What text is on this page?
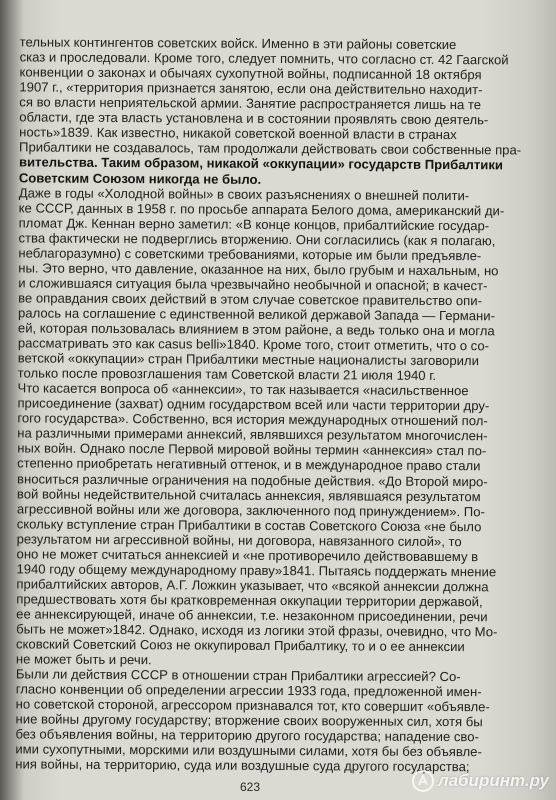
тельных контингентов советских войск. Именно в эти районы советские

сказ и проследовали. Кроме того, следует помнить, что согласно ст. 42 Гаагской

конвенции о законах и обычаях сухопутной войны, подписанной 18 октября

1907 г., «территория признается занятою, если она действительно находит-

ся во власти неприятельской армии. Занятие распространяется лишь на те

области, где эта власть установлена и в состоянии проявлять свою деятель-

ность»1839. Как известно, никакой советской военной власти в странах

Прибалтики не создавалось, там продолжали действовать свои собственные пра-

вительства. Таким образом, никакой «оккупации» государств Прибалтики

Советским Союзом никогда не было.

Даже в годы «Холодной войны» в своих разъяснениях о внешней полити-

ке СССР, данных в 1958 г. по просьбе аппарата Белого дома, американский ди-

пломат Дж. Кеннан верно заметил: «В конце концов, прибалтийские государ-

ства фактически не подверглись вторжению. Они согласились (как я полагаю,

неблагоразумно) с советскими требованиями, которые им были предъявле-

ны. Это верно, что давление, оказанное на них, было грубым и нахальным, но

и сложившаяся ситуация была чрезвычайно необычной и опасной; в качест-

ве оправдания своих действий в этом случае советское правительство опи-

ралось на соглашение с единственной великой державой Запада — Германи-

ей, которая пользовалась влиянием в этом районе, а ведь только она и могла

рассматривать это как casus belli»1840. Кроме того, стоит отметить, что о со-

ветской «оккупации» стран Прибалтики местные националисты заговорили

только после провозглашения там Советской власти 21 июля 1940 г.

Что касается вопроса об «аннексии», то так называется «насильственное

присоединение (захват) одним государством всей или части территории дру-

гого государства». Собственно, вся история международных отношений пол-

на различными примерами аннексий, являвшихся результатом многочислен-

ных войн. Однако после Первой мировой войны термин «аннексия» стал по-

степенно приобретать негативный оттенок, и в международное право стали

вноситься различные ограничения на подобные действия. «До Второй миро-

вой войны недействительной считалась аннексия, являвшаяся результатом

агрессивной войны или же договора, заключенного под принуждением». По-

скольку вступление стран Прибалтики в состав Советского Союза «не было

результатом ни агрессивной войны, ни договора, навязанного силой», то

оно не может считаться аннексией и «не противоречило действовавшему в

1940 году общему международному праву»1841. Пытаясь поддержать мнение

прибалтийских авторов, А.Г. Ложкин указывает, что «всякой аннексии должна

предшествовать хотя бы кратковременная оккупации территории державой,

ее аннексирующей, иначе об аннексии, т.е. незаконном присоединении, речи

быть не может»1842. Однако, исходя из логики этой фразы, очевидно, что Мо-

сковский Советский Союз не оккупировал Прибалтику, то и о ее аннексии

не может быть и речи.

Были ли действия СССР в отношении стран Прибалтики агрессией? Со-

гласно конвенции об определении агрессии 1933 года, предложенной имен-

но советской стороной, агрессором признавался тот, кто совершит «объявле-

ние войны другому государству; вторжение своих вооруженных сил, хотя бы

без объявления войны, на территорию другого государства; нападение сво-

ими сухопутными, морскими или воздушными силами, хотя бы без объявле-

ния войны, на территорию, суда или воздушные суда другого государства;

623	лабиринт.ру
